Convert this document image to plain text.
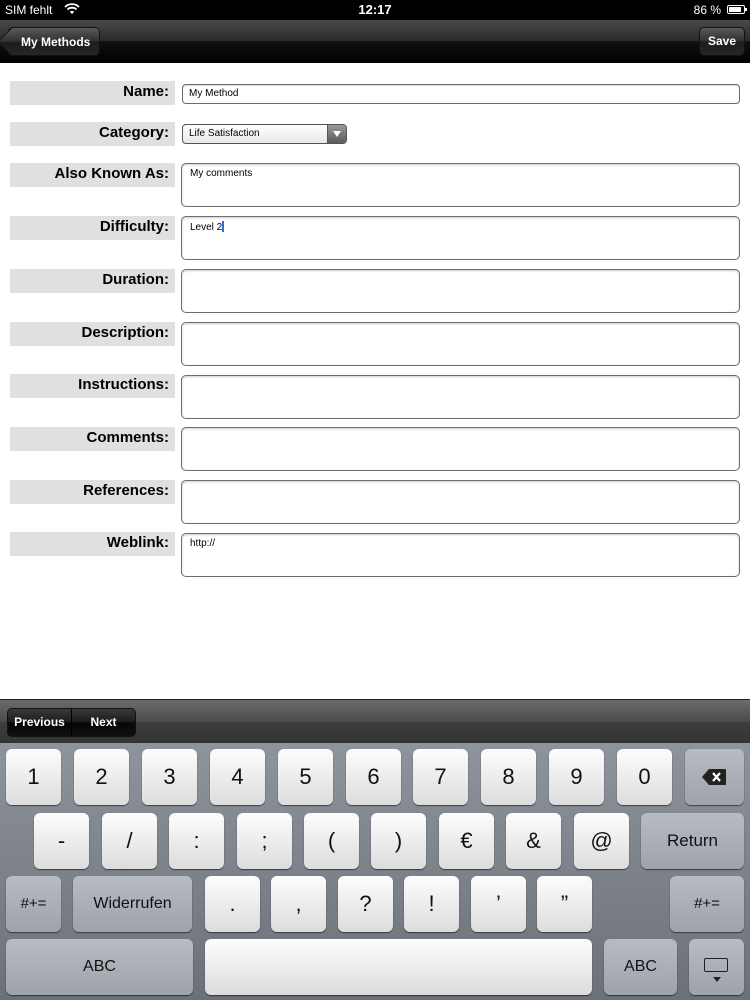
SIM fehlt	12:17	86 %
My Methods	Save
Name:	My Method
Category:	Life Satisfaction
Also Known As:	My comments
Difficulty:	Level 2
Duration:
Description:
Instructions:
Comments:
References:
Weblink:	http://
Previous	Next
1	2	3	4	5	6	7	8	9	0
-	/	:	;	(	)	€	&	@	Return
#+=	Widerrufen	.	,	?	!	’	”	#+=
ABC	ABC
